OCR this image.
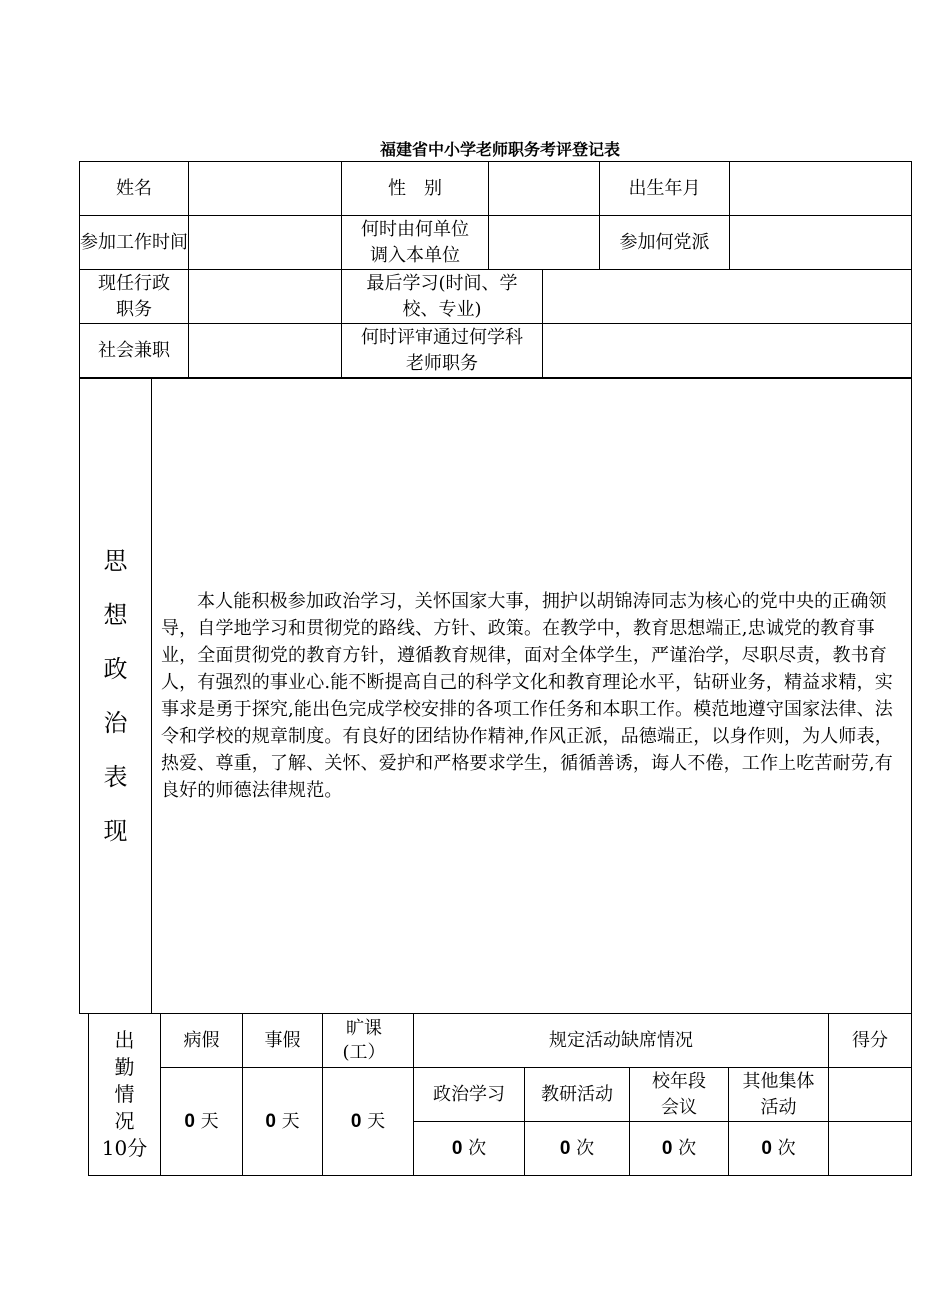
福建省中小学老师职务考评登记表
姓名		性　别			出生年月	
参加工作时间		何时由何单位调入本单位			参加何党派	
现任行政职务		最后学习(时间、学校、专业)				
社会兼职		何时评审通过何学科老师职务				
思
想
政
治
表
现
	本人能积极参加政治学习，关怀国家大事，拥护以胡锦涛同志为核心的党中央的正确领导，自学地学习和贯彻党的路线、方针、政策。在教学中，教育思想端正,忠诚党的教育事业，全面贯彻党的教育方针，遵循教育规律，面对全体学生，严谨治学，尽职尽责，教书育人，有强烈的事业心.能不断提高自己的科学文化和教育理论水平，钻研业务，精益求精，实事求是勇于探究,能出色完成学校安排的各项工作任务和本职工作。模范地遵守国家法律、法令和学校的规章制度。有良好的团结协作精神,作风正派，品德端正，以身作则，为人师表，热爱、尊重，了解、关怀、爱护和严格要求学生，循循善诱，诲人不倦，工作上吃苦耐劳,有良好的师德法律规范。
出
勤
情
况
10分	病假	事假	旷课(工）	规定活动缺席情况				得分
	0 天	0 天	0 天	政治学习	教研活动	校年段会议	其他集体活动	
				0 次	0 次	0 次	0 次	
